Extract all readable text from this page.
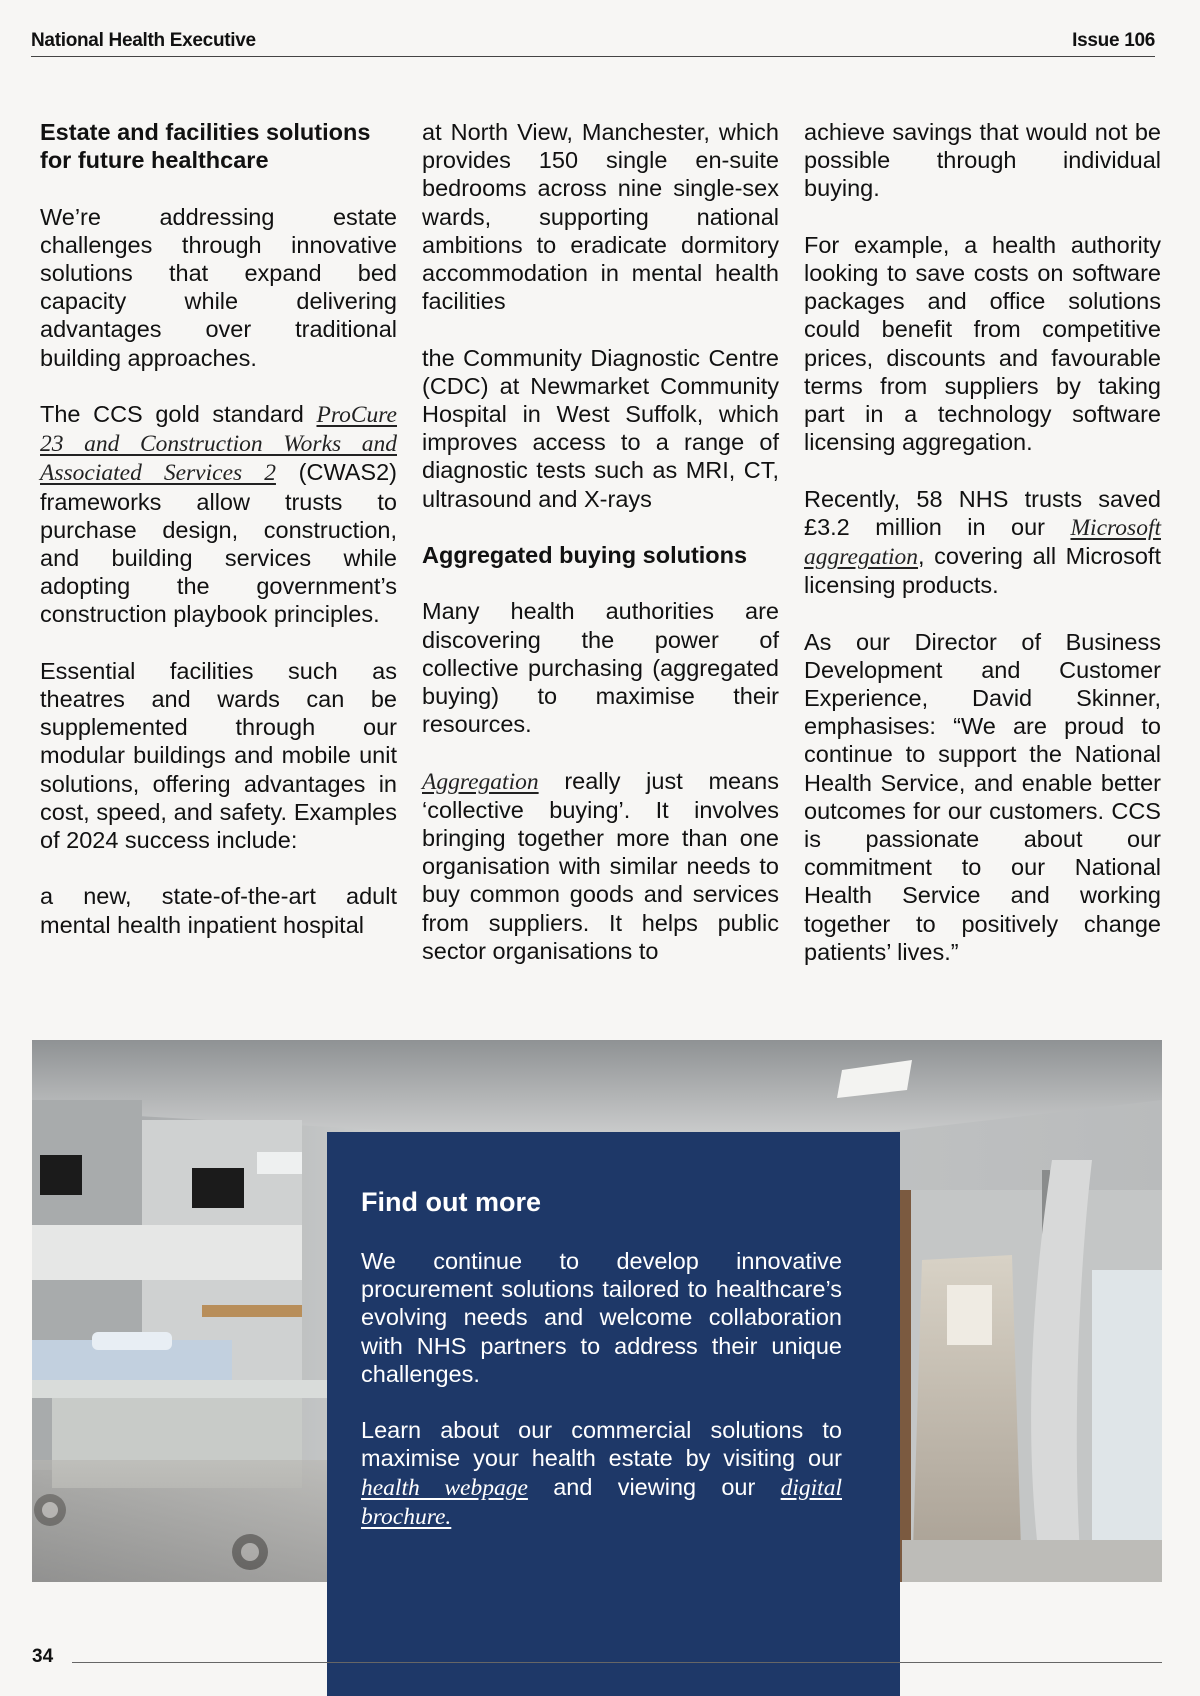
National Health Executive	Issue 106
Estate and facilities solutions for future healthcare

We’re addressing estate challenges through innovative solutions that expand bed capacity while delivering advantages over traditional building approaches.

The CCS gold standard ProCure 23 and Construction Works and Associated Services 2 (CWAS2) frameworks allow trusts to purchase design, construction, and building services while adopting the government’s construction playbook principles.

Essential facilities such as theatres and wards can be supplemented through our modular buildings and mobile unit solutions, offering advantages in cost, speed, and safety. Examples of 2024 success include:

a new, state-of-the-art adult mental health inpatient hospital

at North View, Manchester, which provides 150 single en-suite bedrooms across nine single-sex wards, supporting national ambitions to eradicate dormitory accommodation in mental health facilities

the Community Diagnostic Centre (CDC) at Newmarket Community Hospital in West Suffolk, which improves access to a range of diagnostic tests such as MRI, CT, ultrasound and X-rays

Aggregated buying solutions

Many health authorities are discovering the power of collective purchasing (aggregated buying) to maximise their resources.

Aggregation really just means ‘collective buying’. It involves bringing together more than one organisation with similar needs to buy common goods and services from suppliers. It helps public sector organisations to

achieve savings that would not be possible through individual buying.

For example, a health authority looking to save costs on software packages and office solutions could benefit from competitive prices, discounts and favourable terms from suppliers by taking part in a technology software licensing aggregation.

Recently, 58 NHS trusts saved £3.2 million in our Microsoft aggregation, covering all Microsoft licensing products.

As our Director of Business Development and Customer Experience, David Skinner, emphasises: “We are proud to continue to support the National Health Service, and enable better outcomes for our customers. CCS is passionate about our commitment to our National Health Service and working together to positively change patients’ lives.”

Find out more

We continue to develop innovative procurement solutions tailored to healthcare’s evolving needs and welcome collaboration with NHS partners to address their unique challenges.

Learn about our commercial solutions to maximise your health estate by visiting our health webpage and viewing our digital brochure.

34
